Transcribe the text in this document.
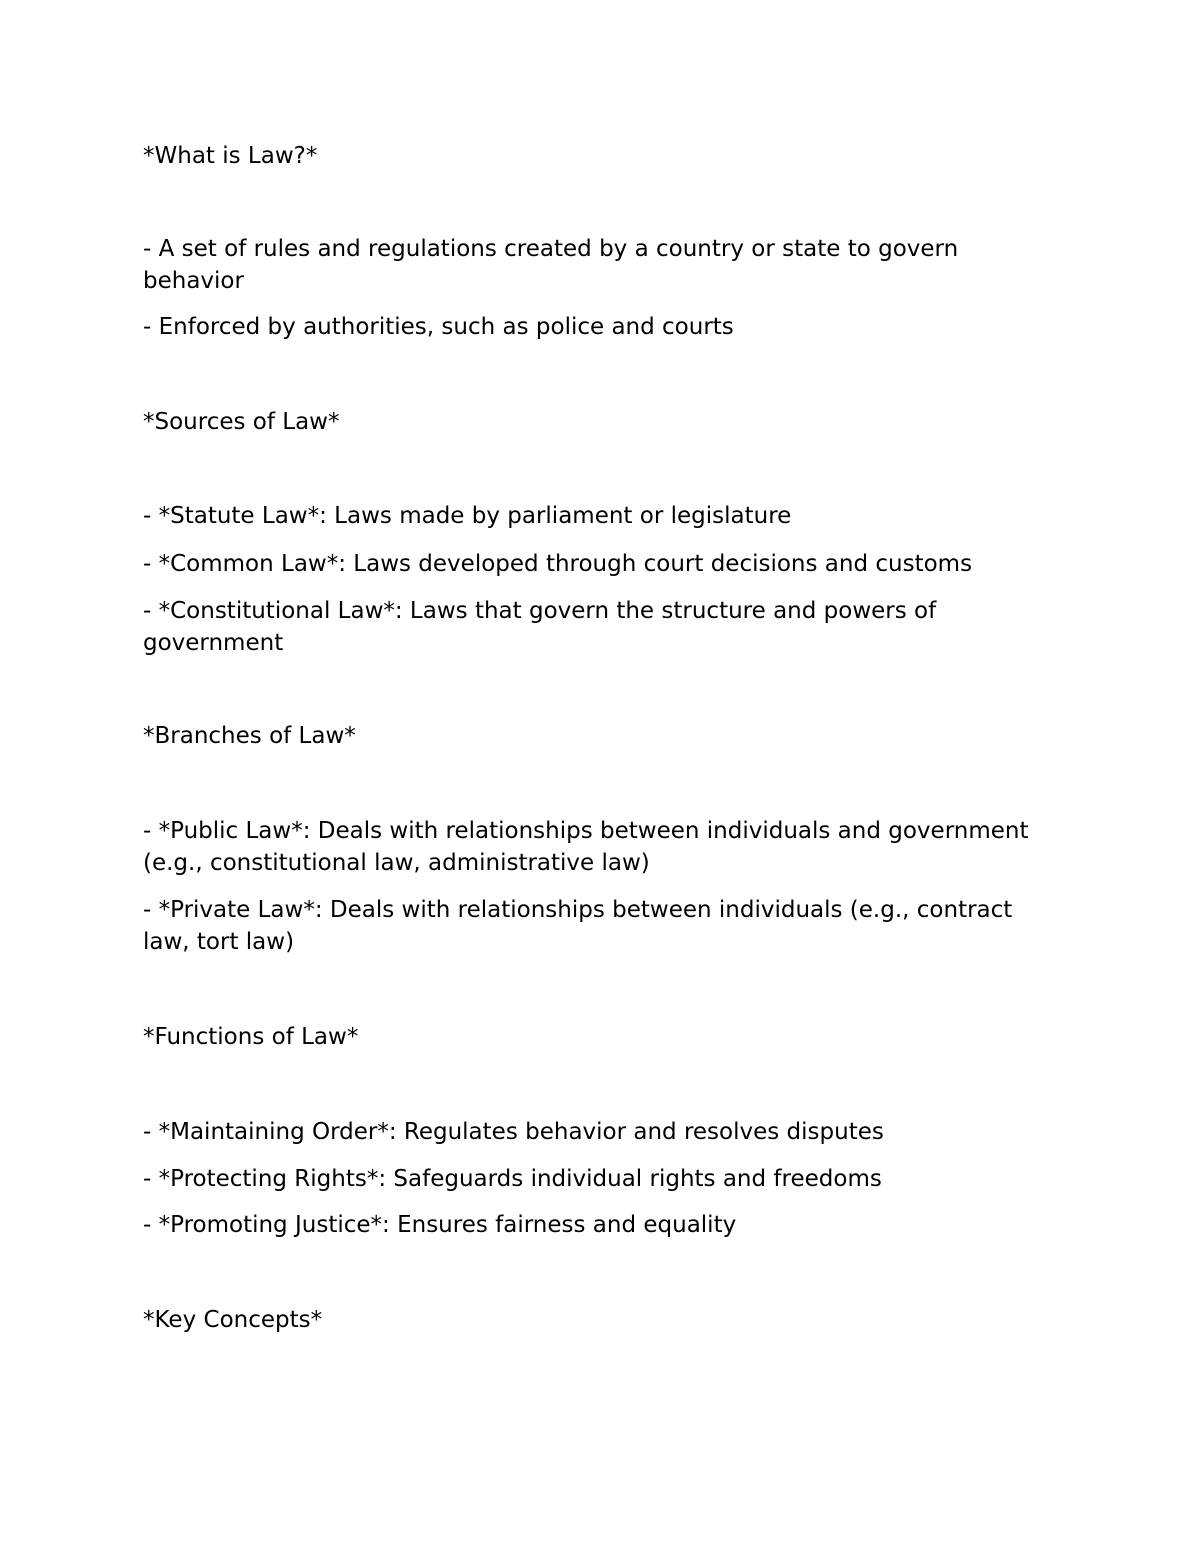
*What is Law?*
- A set of rules and regulations created by a country or state to govern behavior
- Enforced by authorities, such as police and courts
*Sources of Law*
- *Statute Law*: Laws made by parliament or legislature
- *Common Law*: Laws developed through court decisions and customs
- *Constitutional Law*: Laws that govern the structure and powers of government
*Branches of Law*
- *Public Law*: Deals with relationships between individuals and government (e.g., constitutional law, administrative law)
- *Private Law*: Deals with relationships between individuals (e.g., contract law, tort law)
*Functions of Law*
- *Maintaining Order*: Regulates behavior and resolves disputes
- *Protecting Rights*: Safeguards individual rights and freedoms
- *Promoting Justice*: Ensures fairness and equality
*Key Concepts*
